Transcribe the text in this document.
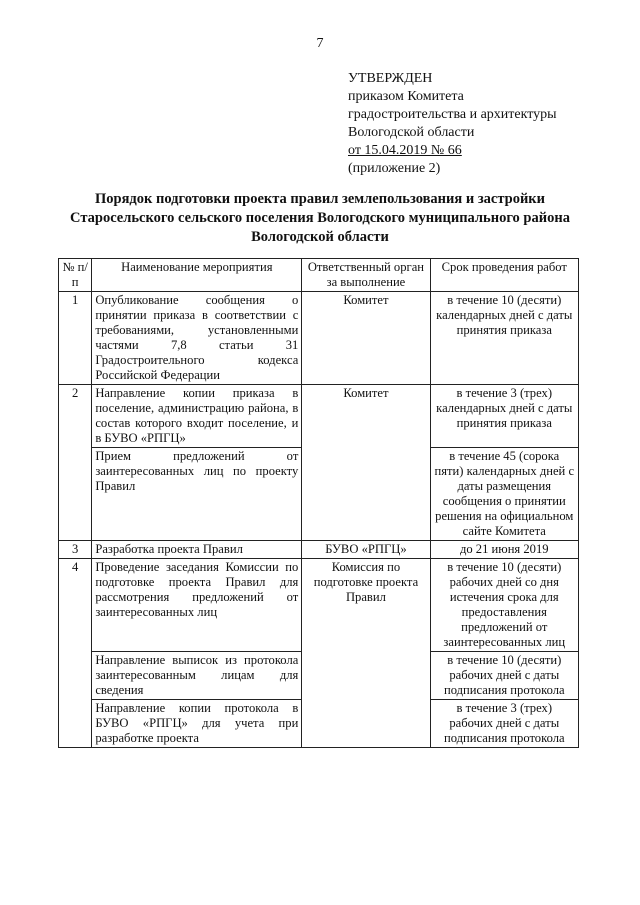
7
УТВЕРЖДЕН
приказом Комитета
градостроительства и архитектуры
Вологодской области
от 15.04.2019 № 66
(приложение 2)
Порядок подготовки проекта правил землепользования и застройки
Старосельского сельского поселения Вологодского муниципального района
Вологодской области
№ п/п	Наименование мероприятия	Ответственный орган за выполнение	Срок проведения работ
1	Опубликование сообщения о принятии приказа в соответствии с требованиями, установленными частями 7,8 статьи 31 Градостроительного кодекса Российской Федерации	Комитет	в течение 10 (десяти) календарных дней с даты принятия приказа
2	Направление копии приказа в поселение, администрацию района, в состав которого входит поселение, и в БУВО «РПГЦ»	Комитет	в течение 3 (трех) календарных дней с даты принятия приказа
	Прием предложений от заинтересованных лиц по проекту Правил		в течение 45 (сорока пяти) календарных дней с даты размещения сообщения о принятии решения на официальном сайте Комитета
3	Разработка проекта Правил	БУВО «РПГЦ»	до 21 июня 2019
4	Проведение заседания Комиссии по подготовке проекта Правил для рассмотрения предложений от заинтересованных лиц	Комиссия по подготовке проекта Правил	в течение 10 (десяти) рабочих дней со дня истечения срока для предоставления предложений от заинтересованных лиц
	Направление выписок из протокола заинтересованным лицам для сведения		в течение 10 (десяти) рабочих дней с даты подписания протокола
	Направление копии протокола в БУВО «РПГЦ» для учета при разработке проекта		в течение 3 (трех) рабочих дней с даты подписания протокола
